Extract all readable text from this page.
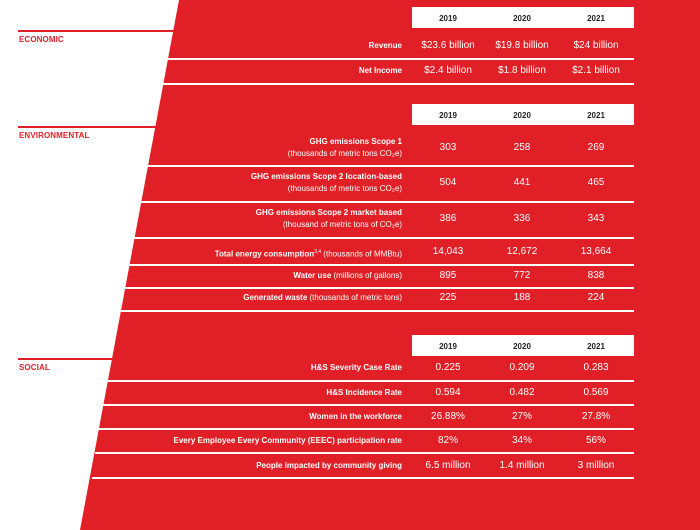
2019	2020	2021
ECONOMIC
Revenue	$23.6 billion	$19.8 billion	$24 billion
Net Income	$2.4 billion	$1.8 billion	$2.1 billion
2019	2020	2021
ENVIRONMENTAL
GHG emissions Scope 1
(thousands of metric tons CO₂e)
303	258	269
GHG emissions Scope 2 location-based
(thousands of metric tons CO₂e)
504	441	465
GHG emissions Scope 2 market based
(thousand of metric tons of CO₂e)
386	336	343
Total energy consumption$^{3,4}$ (thousands of MMBtu)	14,043	12,672	13,664
Water use (millions of gallons)	895	772	838
Generated waste (thousands of metric tons)	225	188	224
2019	2020	2021
SOCIAL	H&S Severity Case Rate	0.225	0.209	0.283
H&S Incidence Rate	0.594	0.482	0.569
Women in the workforce	26.88%	27%	27.8%
Every Employee Every Community (EEEC) participation rate	82%	34%	56%
People impacted by community giving	6.5 million	1.4 million	3 million
